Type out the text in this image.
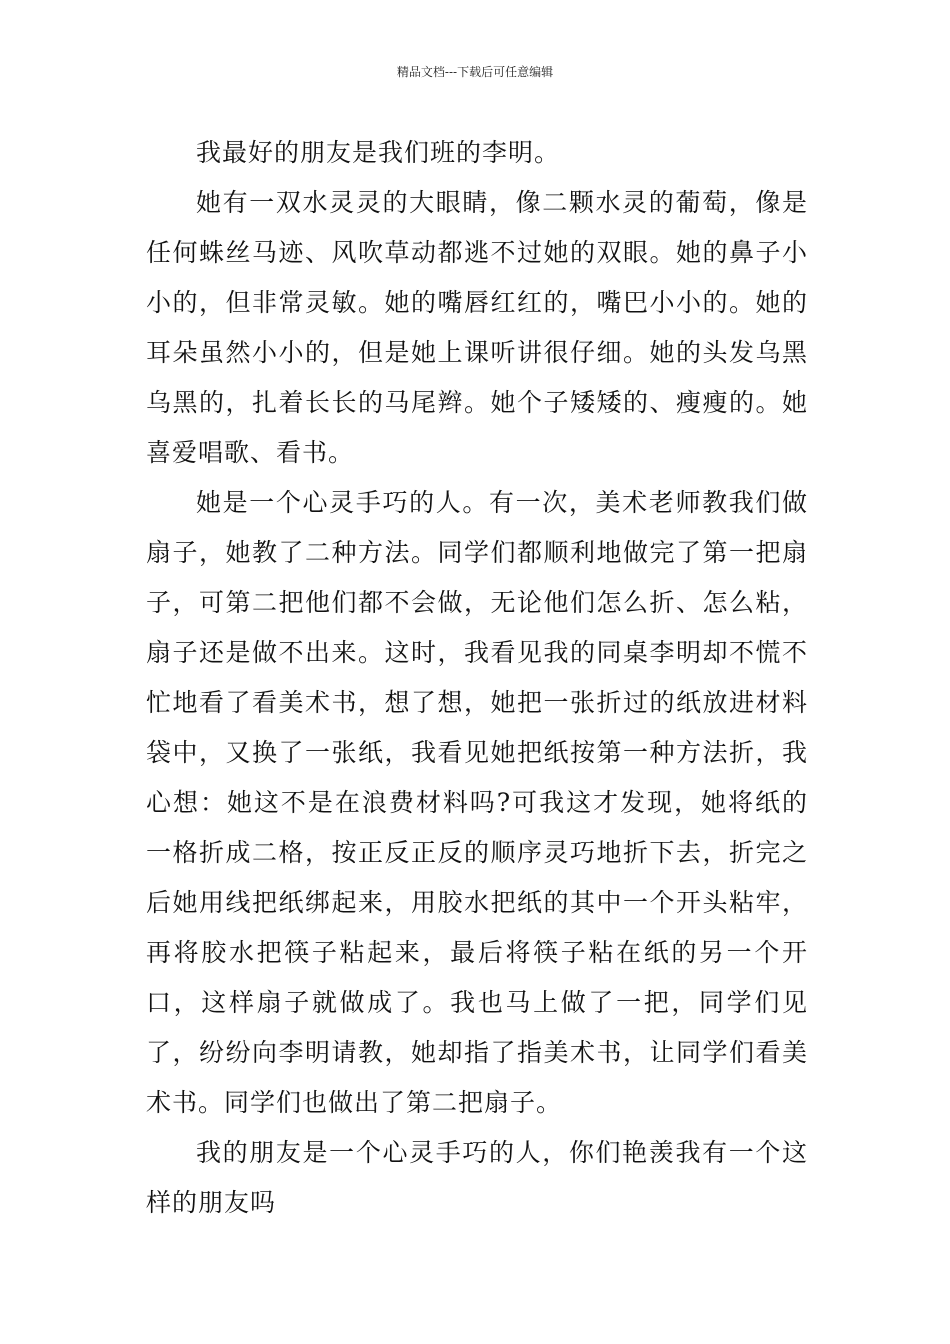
精品文档---下载后可任意编辑

我最好的朋友是我们班的李明。

她有一双水灵灵的大眼睛，像二颗水灵的葡萄，像是任何蛛丝马迹、风吹草动都逃不过她的双眼。她的鼻子小小的，但非常灵敏。她的嘴唇红红的，嘴巴小小的。她的耳朵虽然小小的，但是她上课听讲很仔细。她的头发乌黑乌黑的，扎着长长的马尾辫。她个子矮矮的、瘦瘦的。她喜爱唱歌、看书。

她是一个心灵手巧的人。有一次，美术老师教我们做扇子，她教了二种方法。同学们都顺利地做完了第一把扇子，可第二把他们都不会做，无论他们怎么折、怎么粘，扇子还是做不出来。这时，我看见我的同桌李明却不慌不忙地看了看美术书，想了想，她把一张折过的纸放进材料袋中，又换了一张纸，我看见她把纸按第一种方法折，我心想：她这不是在浪费材料吗?可我这才发现，她将纸的一格折成二格，按正反正反的顺序灵巧地折下去，折完之后她用线把纸绑起来，用胶水把纸的其中一个开头粘牢，再将胶水把筷子粘起来，最后将筷子粘在纸的另一个开口，这样扇子就做成了。我也马上做了一把，同学们见了，纷纷向李明请教，她却指了指美术书，让同学们看美术书。同学们也做出了第二把扇子。

我的朋友是一个心灵手巧的人，你们艳羡我有一个这样的朋友吗
